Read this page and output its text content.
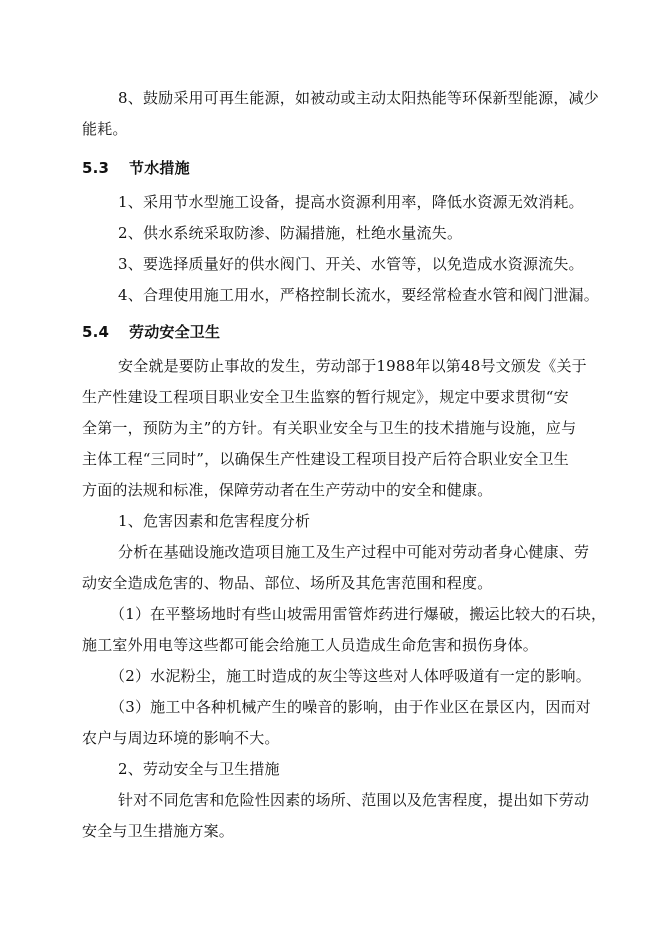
8、鼓励采用可再生能源，如被动或主动太阳热能等环保新型能源，减少
能耗。
5.3 节水措施
1、采用节水型施工设备，提高水资源利用率，降低水资源无效消耗。
2、供水系统采取防渗、防漏措施，杜绝水量流失。
3、要选择质量好的供水阀门、开关、水管等，以免造成水资源流失。
4、合理使用施工用水，严格控制长流水，要经常检查水管和阀门泄漏。
5.4 劳动安全卫生
安全就是要防止事故的发生，劳动部于1988年以第48号文颁发《关于
生产性建设工程项目职业安全卫生监察的暂行规定》，规定中要求贯彻“安
全第一，预防为主”的方针。有关职业安全与卫生的技术措施与设施，应与
主体工程“三同时”，以确保生产性建设工程项目投产后符合职业安全卫生
方面的法规和标准，保障劳动者在生产劳动中的安全和健康。
1、危害因素和危害程度分析
分析在基础设施改造项目施工及生产过程中可能对劳动者身心健康、劳
动安全造成危害的、物品、部位、场所及其危害范围和程度。
（1）在平整场地时有些山坡需用雷管炸药进行爆破，搬运比较大的石块，
施工室外用电等这些都可能会给施工人员造成生命危害和损伤身体。
（2）水泥粉尘，施工时造成的灰尘等这些对人体呼吸道有一定的影响。
（3）施工中各种机械产生的噪音的影响，由于作业区在景区内，因而对
农户与周边环境的影响不大。
2、劳动安全与卫生措施
针对不同危害和危险性因素的场所、范围以及危害程度，提出如下劳动
安全与卫生措施方案。
